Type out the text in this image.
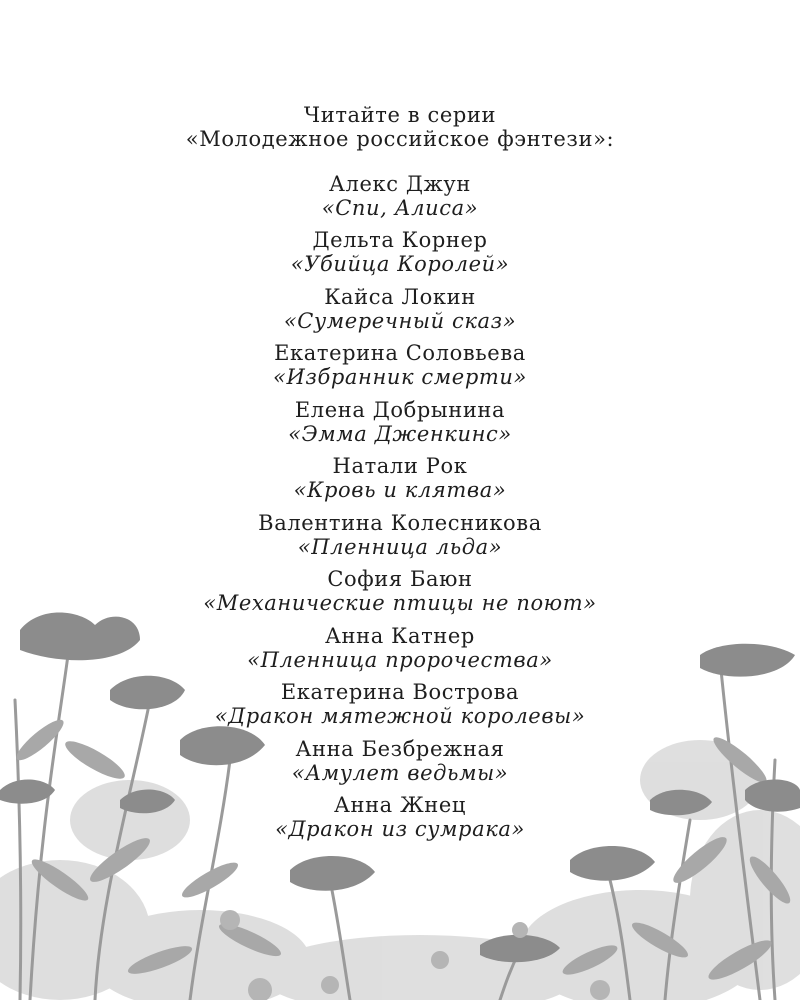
Читайте в серии
«Молодежное российское фэнтези»:
Алекс Джун
«Спи, Алиса»
Дельта Корнер
«Убийца Королей»
Кайса Локин
«Сумеречный сказ»
Екатерина Соловьева
«Избранник смерти»
Елена Добрынина
«Эмма Дженкинс»
Натали Рок
«Кровь и клятва»
Валентина Колесникова
«Пленница льда»
София Баюн
«Механические птицы не поют»
Анна Катнер
«Пленница пророчества»
Екатерина Вострова
«Дракон мятежной королевы»
Анна Безбрежная
«Амулет ведьмы»
Анна Жнец
«Дракон из сумрака»
